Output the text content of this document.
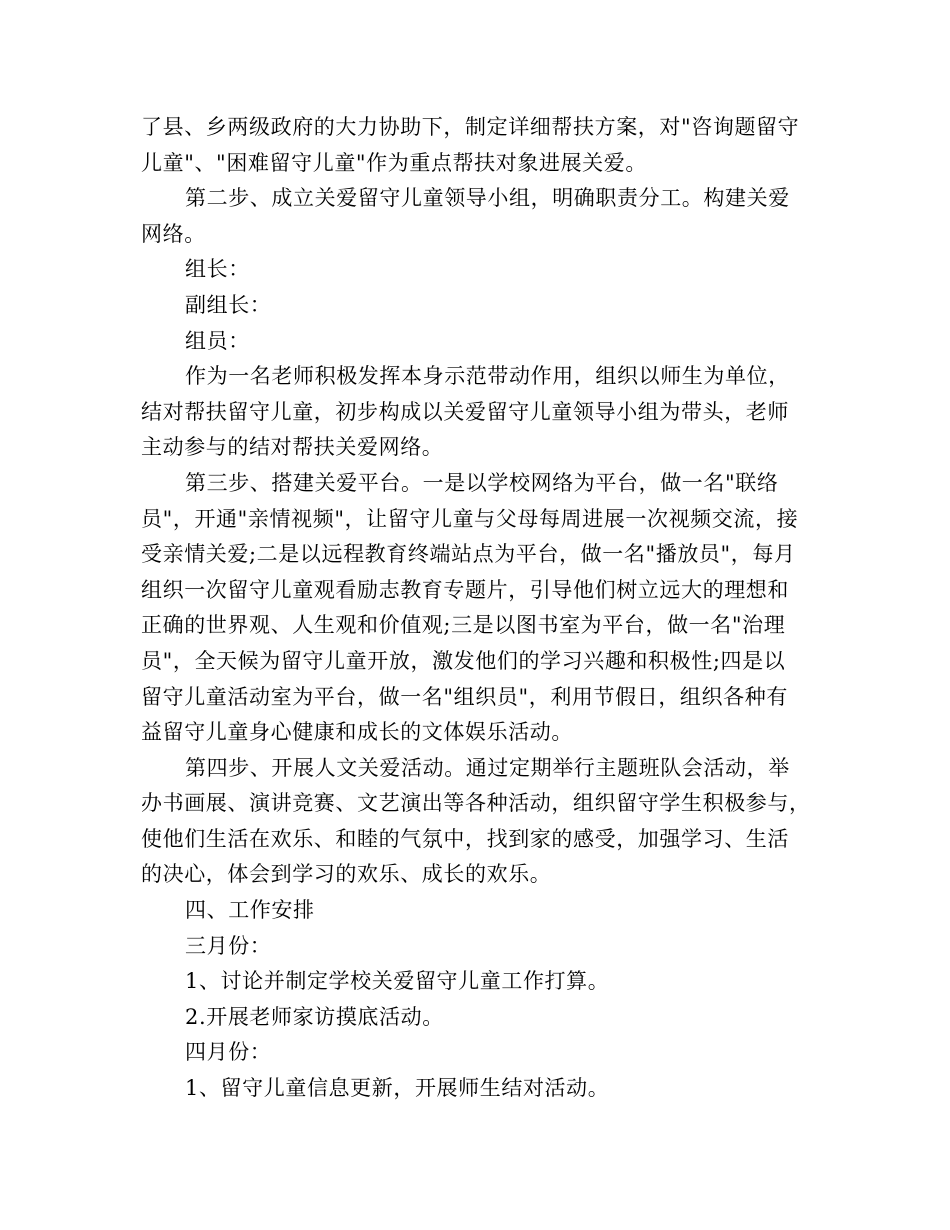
了县、乡两级政府的大力协助下，制定详细帮扶方案，对"咨询题留守
儿童"、"困难留守儿童"作为重点帮扶对象进展关爱。
第二步、成立关爱留守儿童领导小组，明确职责分工。构建关爱
网络。
组长：
副组长：
组员：
作为一名老师积极发挥本身示范带动作用，组织以师生为单位，
结对帮扶留守儿童，初步构成以关爱留守儿童领导小组为带头，老师
主动参与的结对帮扶关爱网络。
第三步、搭建关爱平台。一是以学校网络为平台，做一名"联络
员"，开通"亲情视频"，让留守儿童与父母每周进展一次视频交流，接
受亲情关爱;二是以远程教育终端站点为平台，做一名"播放员"，每月
组织一次留守儿童观看励志教育专题片，引导他们树立远大的理想和
正确的世界观、人生观和价值观;三是以图书室为平台，做一名"治理
员"，全天候为留守儿童开放，激发他们的学习兴趣和积极性;四是以
留守儿童活动室为平台，做一名"组织员"，利用节假日，组织各种有
益留守儿童身心健康和成长的文体娱乐活动。
第四步、开展人文关爱活动。通过定期举行主题班队会活动，举
办书画展、演讲竞赛、文艺演出等各种活动，组织留守学生积极参与，
使他们生活在欢乐、和睦的气氛中，找到家的感受，加强学习、生活
的决心，体会到学习的欢乐、成长的欢乐。
四、工作安排
三月份：
1、讨论并制定学校关爱留守儿童工作打算。
2.开展老师家访摸底活动。
四月份：
1、留守儿童信息更新，开展师生结对活动。
